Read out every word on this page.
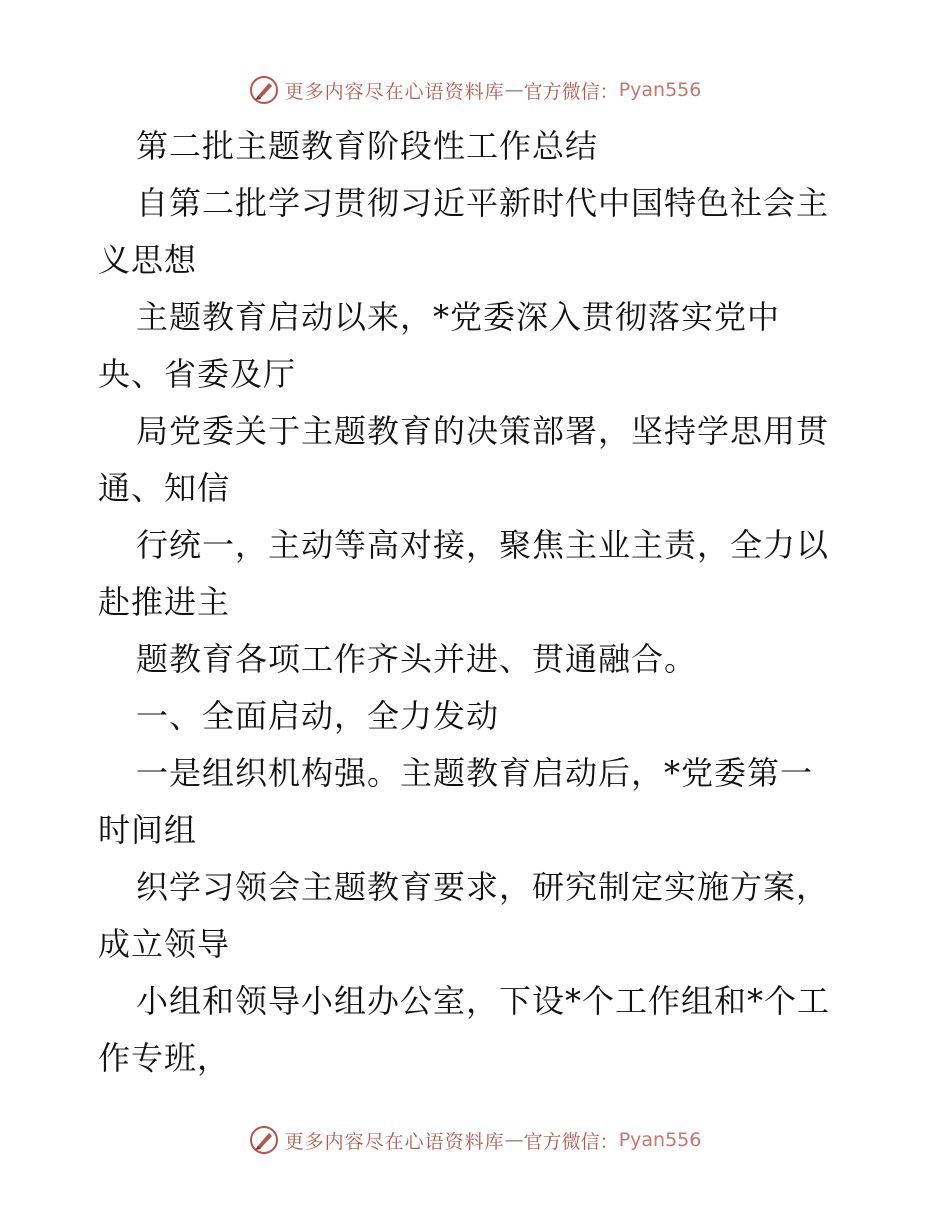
更多内容尽在心语资料库 — 官方微信： Pyan556

第二批主题教育阶段性工作总结

自第二批学习贯彻习近平新时代中国特色社会主

义思想

主题教育启动以来，*党委深入贯彻落实党中

央、省委及厅

局党委关于主题教育的决策部署，坚持学思用贯

通、知信

行统一，主动等高对接，聚焦主业主责，全力以

赴推进主

题教育各项工作齐头并进、贯通融合。

一、全面启动，全力发动

一是组织机构强。主题教育启动后，*党委第一

时间组

织学习领会主题教育要求，研究制定实施方案，

成立领导

小组和领导小组办公室，下设*个工作组和*个工

作专班，

更多内容尽在心语资料库 — 官方微信： Pyan556
